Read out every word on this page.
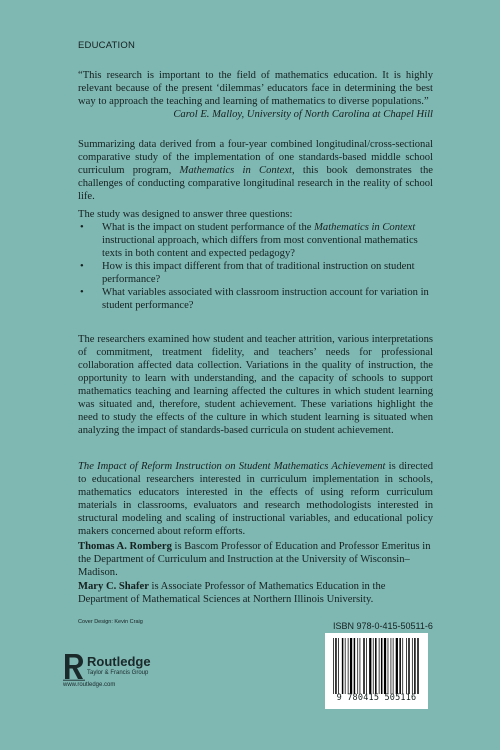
EDUCATION
“This research is important to the field of mathematics education. It is highly relevant because of the present ‘dilemmas’ educators face in determining the best way to approach the teaching and learning of mathematics to diverse populations.”
Carol E. Malloy, University of North Carolina at Chapel Hill
Summarizing data derived from a four-year combined longitudinal/cross-sectional comparative study of the implementation of one standards-based middle school curriculum program, Mathematics in Context, this book demonstrates the challenges of conducting comparative longitudinal research in the reality of school life.
The study was designed to answer three questions:
• What is the impact on student performance of the Mathematics in Context instructional approach, which differs from most conventional mathematics texts in both content and expected pedagogy?
• How is this impact different from that of traditional instruction on student performance?
• What variables associated with classroom instruction account for variation in student performance?
The researchers examined how student and teacher attrition, various interpretations of commitment, treatment fidelity, and teachers’ needs for professional collaboration affected data collection. Variations in the quality of instruction, the opportunity to learn with understanding, and the capacity of schools to support mathematics teaching and learning affected the cultures in which student learning was situated and, therefore, student achievement. These variations highlight the need to study the effects of the culture in which student learning is situated when analyzing the impact of standards-based curricula on student achievement.
The Impact of Reform Instruction on Student Mathematics Achievement is directed to educational researchers interested in curriculum implementation in schools, mathematics educators interested in the effects of using reform curriculum materials in classrooms, evaluators and research methodologists interested in structural modeling and scaling of instructional variables, and educational policy makers concerned about reform efforts.
Thomas A. Romberg is Bascom Professor of Education and Professor Emeritus in the Department of Curriculum and Instruction at the University of Wisconsin–Madison.
Mary C. Shafer is Associate Professor of Mathematics Education in the Department of Mathematical Sciences at Northern Illinois University.
Cover Design: Kevin Craig
Routledge
Taylor & Francis Group
www.routledge.com
ISBN 978-0-415-50511-6
9 780415 505116
